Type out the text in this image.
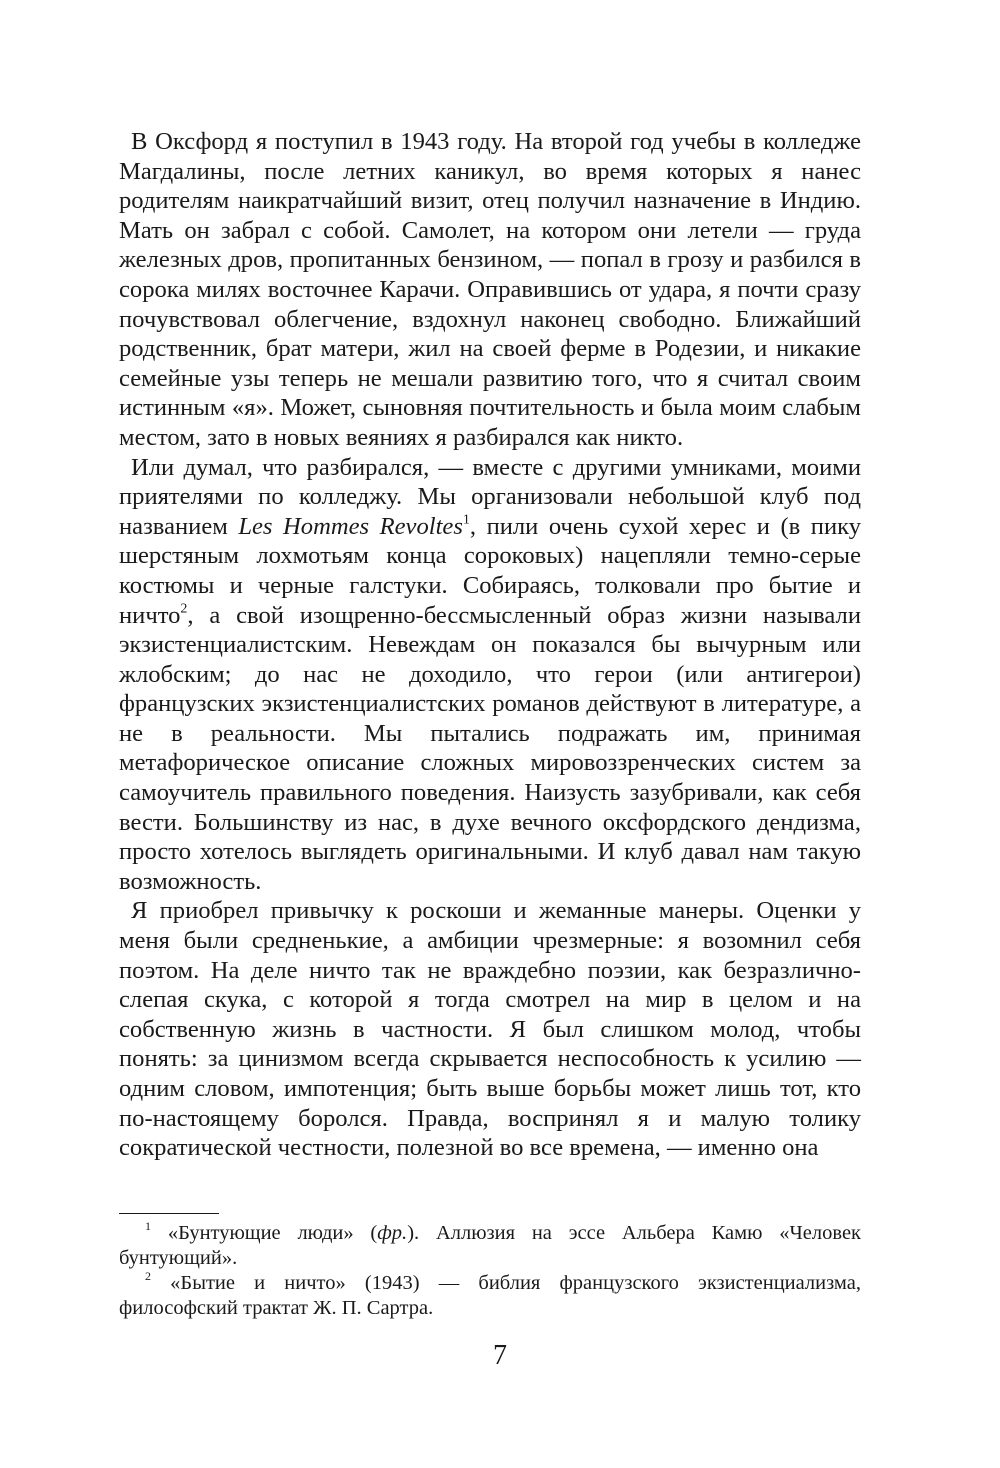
В Оксфорд я поступил в 1943 году. На второй год учебы в колледже Магдалины, после летних каникул, во время которых я нанес родителям наикратчайший визит, отец получил назначение в Индию. Мать он забрал с собой. Самолет, на котором они летели — груда железных дров, пропитанных бензином, — попал в грозу и разбился в сорока милях восточнее Карачи. Оправившись от удара, я почти сразу почувствовал облегчение, вздохнул наконец свободно. Ближайший родственник, брат матери, жил на своей ферме в Родезии, и никакие семейные узы теперь не мешали развитию того, что я считал своим истинным «я». Может, сыновняя почтительность и была моим слабым местом, зато в новых веяниях я разбирался как никто.

Или думал, что разбирался, — вместе с другими умниками, моими приятелями по колледжу. Мы организовали небольшой клуб под названием Les Hommes Revoltes$^1$, пили очень сухой херес и (в пику шерстяным лохмотьям конца сороковых) нацепляли темно-серые костюмы и черные галстуки. Собираясь, толковали про бытие и ничто$^2$, а свой изощренно-бессмысленный образ жизни называли экзистенциалистским. Невеждам он показался бы вычурным или жлобским; до нас не доходило, что герои (или антигерои) французских экзистенциалистских романов действуют в литературе, а не в реальности. Мы пытались подражать им, принимая метафорическое описание сложных мировоззренческих систем за самоучитель правильного поведения. Наизусть зазубривали, как себя вести. Большинству из нас, в духе вечного оксфордского дендизма, просто хотелось выглядеть оригинальными. И клуб давал нам такую возможность.

Я приобрел привычку к роскоши и жеманные манеры. Оценки у меня были средненькие, а амбиции чрезмерные: я возомнил себя поэтом. На деле ничто так не враждебно поэзии, как безразлично-слепая скука, с которой я тогда смотрел на мир в целом и на собственную жизнь в частности. Я был слишком молод, чтобы понять: за цинизмом всегда скрывается неспособность к усилию — одним словом, импотенция; быть выше борьбы может лишь тот, кто по-настоящему боролся. Правда, воспринял я и малую толику сократической честности, полезной во все времена, — именно она

$^1$ «Бунтующие люди» (фр.). Аллюзия на эссе Альбера Камю «Человек бунтующий».

$^2$ «Бытие и ничто» (1943) — библия французского экзистенциализма, философский трактат Ж. П. Сартра.

7
